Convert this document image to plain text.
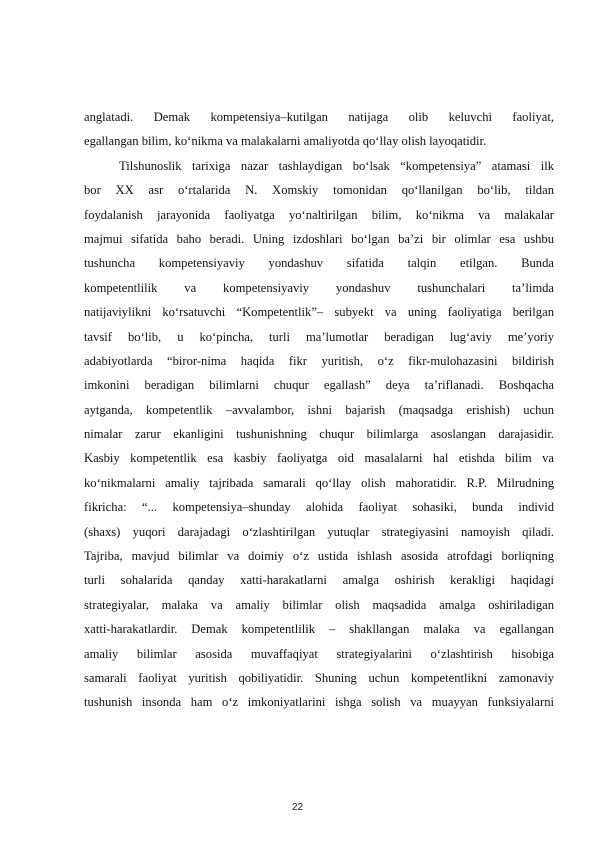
anglatadi. Demak kompetensiya–kutilgan natijaga olib keluvchi faoliyat,
egallangan bilim, ko‘nikma va malakalarni amaliyotda qo‘llay olish layoqatidir.
Tilshunoslik tarixiga nazar tashlaydigan bo‘lsak “kompetensiya” atamasi ilk
bor XX asr o‘rtalarida N. Xomskiy tomonidan qo‘llanilgan bo‘lib, tildan
foydalanish jarayonida faoliyatga yo‘naltirilgan bilim, ko‘nikma va malakalar
majmui sifatida baho beradi. Uning izdoshlari bo‘lgan ba’zi bir olimlar esa ushbu
tushuncha kompetensiyaviy yondashuv sifatida talqin etilgan. Bunda
kompetentlilik va kompetensiyaviy yondashuv tushunchalari ta’limda
natijaviylikni ko‘rsatuvchi “Kompetentlik”– subyekt va uning faoliyatiga berilgan
tavsif bo‘lib, u ko‘pincha, turli ma’lumotlar beradigan lug‘aviy me’yoriy
adabiyotlarda “biror-nima haqida fikr yuritish, o‘z fikr-mulohazasini bildirish
imkonini beradigan bilimlarni chuqur egallash” deya ta’riflanadi. Boshqacha
aytganda, kompetentlik –avvalambor, ishni bajarish (maqsadga erishish) uchun
nimalar zarur ekanligini tushunishning chuqur bilimlarga asoslangan darajasidir.
Kasbiy kompetentlik esa kasbiy faoliyatga oid masalalarni hal etishda bilim va
ko‘nikmalarni amaliy tajribada samarali qo‘llay olish mahoratidir. R.P. Milrudning
fikricha: “... kompetensiya–shunday alohida faoliyat sohasiki, bunda individ
(shaxs) yuqori darajadagi o‘zlashtirilgan yutuqlar strategiyasini namoyish qiladi.
Tajriba, mavjud bilimlar va doimiy o‘z ustida ishlash asosida atrofdagi borliqning
turli sohalarida qanday xatti-harakatlarni amalga oshirish kerakligi haqidagi
strategiyalar, malaka va amaliy bilimlar olish maqsadida amalga oshiriladigan
xatti-harakatlardir. Demak kompetentlilik – shakllangan malaka va egallangan
amaliy bilimlar asosida muvaffaqiyat strategiyalarini o‘zlashtirish hisobiga
samarali faoliyat yuritish qobiliyatidir. Shuning uchun kompetentlikni zamonaviy
tushunish insonda ham o‘z imkoniyatlarini ishga solish va muayyan funksiyalarni
22
